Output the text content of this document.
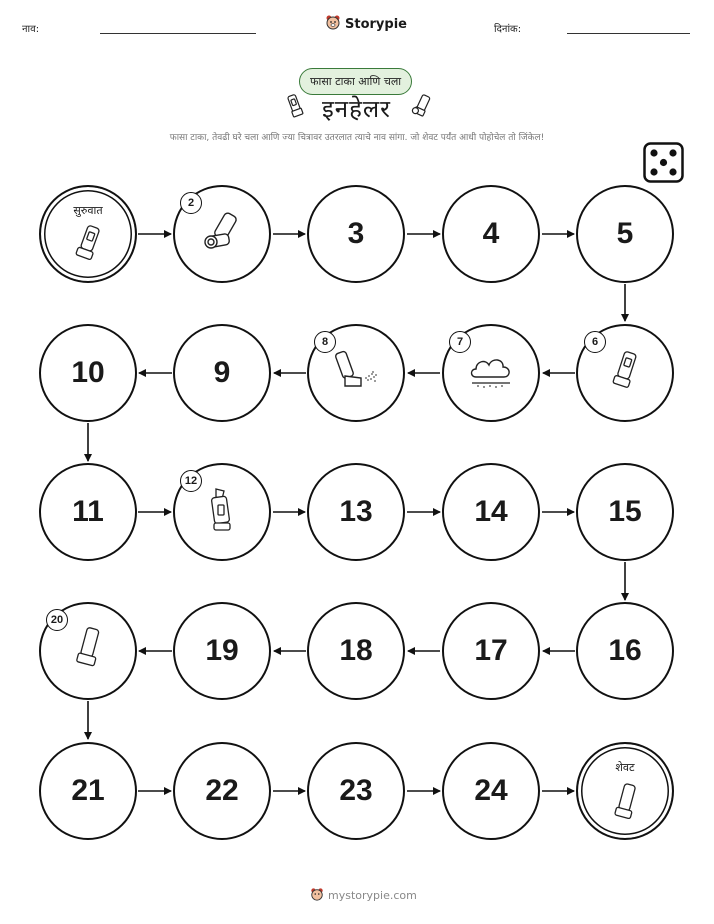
नाव:	Storypie	दिनांक:
फासा टाका आणि चला
इनहेलर
फासा टाका, तेवढी घरे चला आणि ज्या चित्रावर उतरलात त्याचे नाव सांगा. जो शेवट पर्यंत आधी पोहोचेल तो जिंकेल!
सुरुवात
2
3	4	5
10	9
8	7	6
11
12
13	14	15
20
19	18	17	16
21	22	23	24
शेवट
mystorypie.com
